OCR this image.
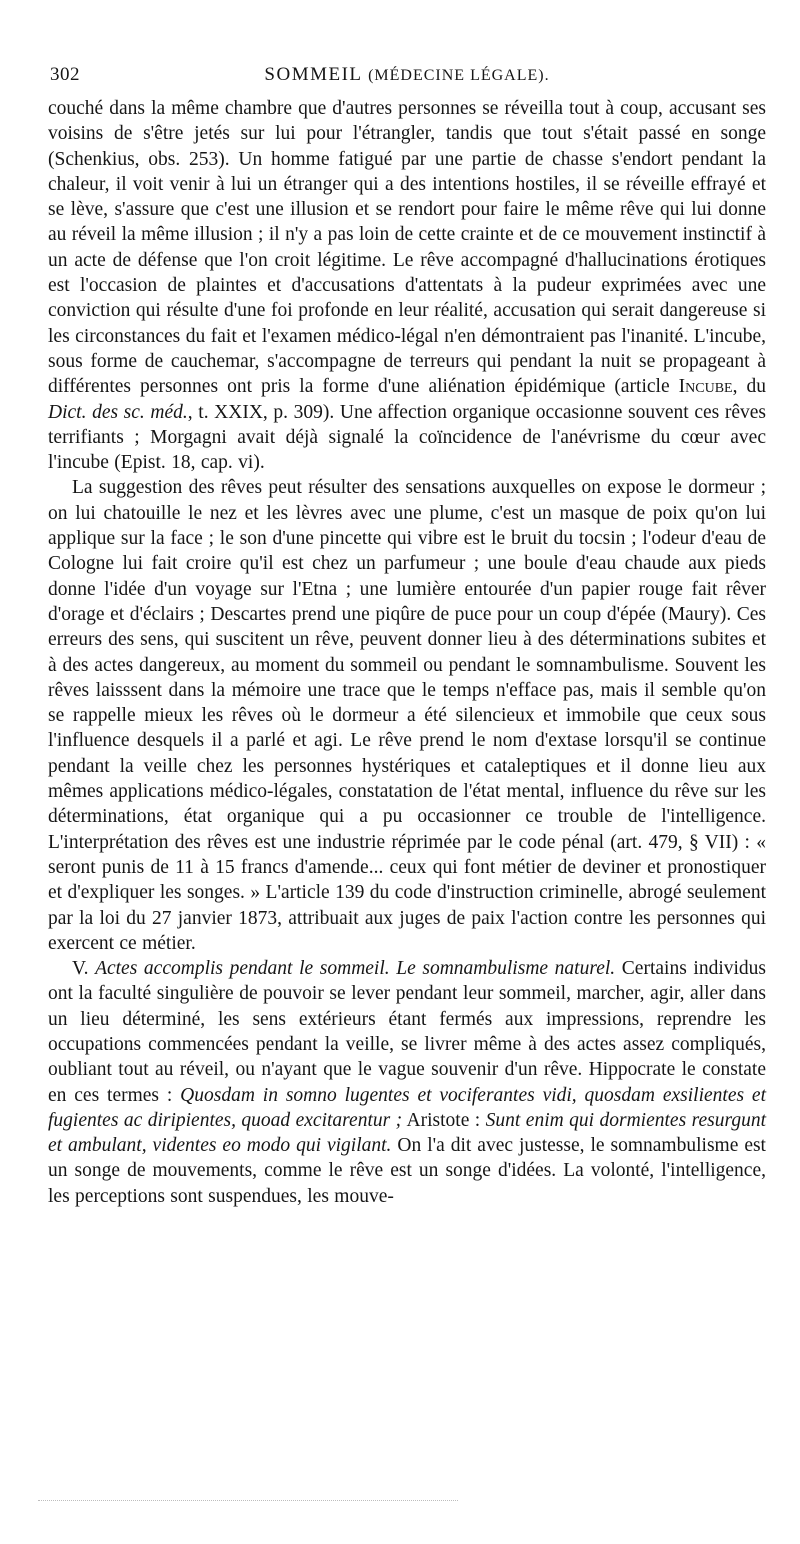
302	SOMMEIL (MÉDECINE LÉGALE).

couché dans la même chambre que d'autres personnes se réveilla tout à coup, accusant ses voisins de s'être jetés sur lui pour l'étrangler, tandis que tout s'était passé en songe (Schenkius, obs. 253). Un homme fatigué par une partie de chasse s'endort pendant la chaleur, il voit venir à lui un étranger qui a des intentions hostiles, il se réveille effrayé et se lève, s'assure que c'est une illusion et se rendort pour faire le même rêve qui lui donne au réveil la même illusion ; il n'y a pas loin de cette crainte et de ce mouvement instinctif à un acte de défense que l'on croit légitime. Le rêve accompagné d'hallucinations érotiques est l'occasion de plaintes et d'accusations d'attentats à la pudeur exprimées avec une conviction qui résulte d'une foi profonde en leur réalité, accusation qui serait dangereuse si les circonstances du fait et l'examen médico-légal n'en démontraient pas l'inanité. L'incube, sous forme de cauchemar, s'accompagne de terreurs qui pendant la nuit se propageant à différentes personnes ont pris la forme d'une aliénation épidémique (article Incube, du Dict. des sc. méd., t. XXIX, p. 309). Une affection organique occasionne souvent ces rêves terrifiants ; Morgagni avait déjà signalé la coïncidence de l'anévrisme du cœur avec l'incube (Epist. 18, cap. vi).

La suggestion des rêves peut résulter des sensations auxquelles on expose le dormeur ; on lui chatouille le nez et les lèvres avec une plume, c'est un masque de poix qu'on lui applique sur la face ; le son d'une pincette qui vibre est le bruit du tocsin ; l'odeur d'eau de Cologne lui fait croire qu'il est chez un parfumeur ; une boule d'eau chaude aux pieds donne l'idée d'un voyage sur l'Etna ; une lumière entourée d'un papier rouge fait rêver d'orage et d'éclairs ; Descartes prend une piqûre de puce pour un coup d'épée (Maury). Ces erreurs des sens, qui suscitent un rêve, peuvent donner lieu à des déterminations subites et à des actes dangereux, au moment du sommeil ou pendant le somnambulisme. Souvent les rêves laisssent dans la mémoire une trace que le temps n'efface pas, mais il semble qu'on se rappelle mieux les rêves où le dormeur a été silencieux et immobile que ceux sous l'influence desquels il a parlé et agi. Le rêve prend le nom d'extase lorsqu'il se continue pendant la veille chez les personnes hystériques et cataleptiques et il donne lieu aux mêmes applications médico-légales, constatation de l'état mental, influence du rêve sur les déterminations, état organique qui a pu occasionner ce trouble de l'intelligence. L'interprétation des rêves est une industrie réprimée par le code pénal (art. 479, § VII) : « seront punis de 11 à 15 francs d'amende... ceux qui font métier de deviner et pronostiquer et d'expliquer les songes. » L'article 139 du code d'instruction criminelle, abrogé seulement par la loi du 27 janvier 1873, attribuait aux juges de paix l'action contre les personnes qui exercent ce métier.

V. Actes accomplis pendant le sommeil. Le somnambulisme naturel. Certains individus ont la faculté singulière de pouvoir se lever pendant leur sommeil, marcher, agir, aller dans un lieu déterminé, les sens extérieurs étant fermés aux impressions, reprendre les occupations commencées pendant la veille, se livrer même à des actes assez compliqués, oubliant tout au réveil, ou n'ayant que le vague souvenir d'un rêve. Hippocrate le constate en ces termes : Quosdam in somno lugentes et vociferantes vidi, quosdam exsilientes et fugientes ac diripientes, quoad excitarentur ; Aristote : Sunt enim qui dormientes resurgunt et ambulant, videntes eo modo qui vigilant. On l'a dit avec justesse, le somnambulisme est un songe de mouvements, comme le rêve est un songe d'idées. La volonté, l'intelligence, les perceptions sont suspendues, les mouve-
